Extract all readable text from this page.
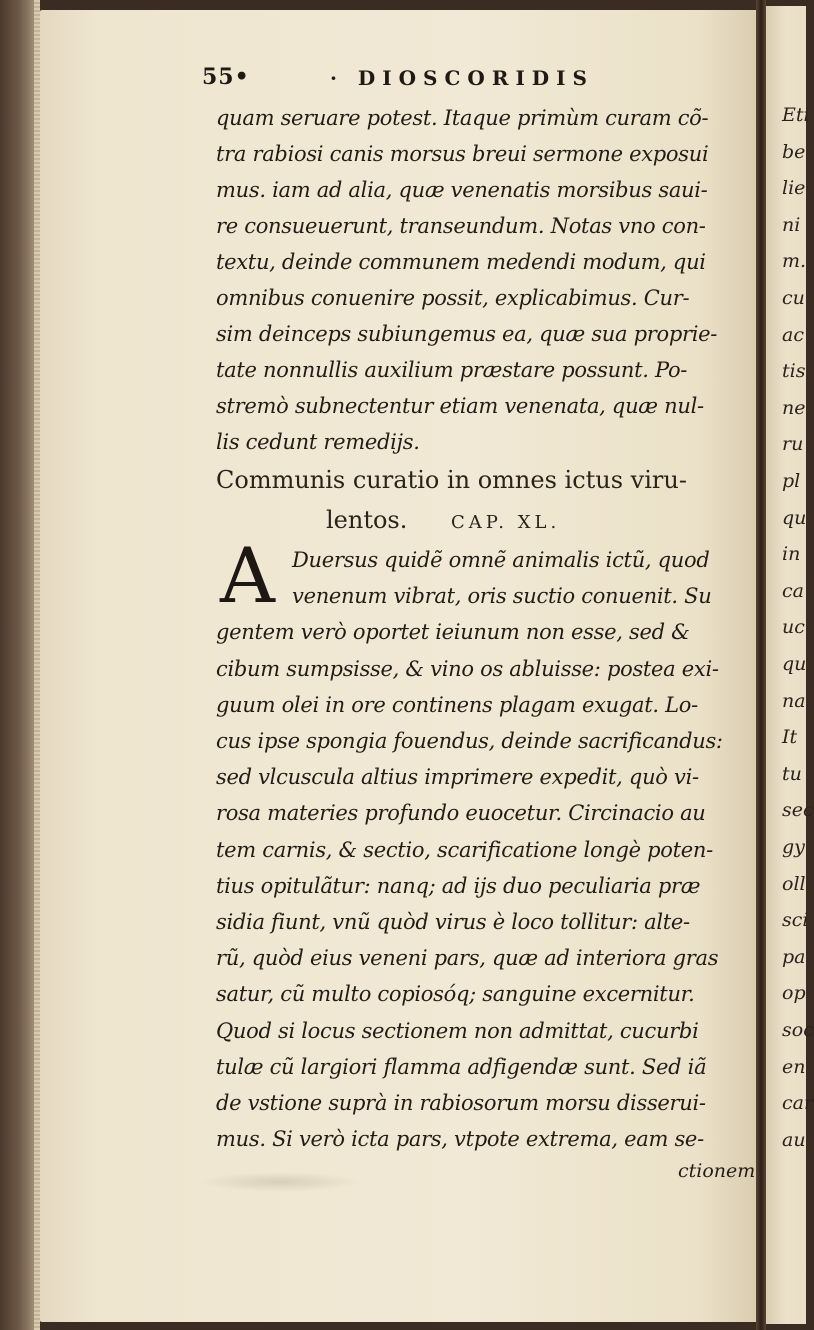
Eti
be
lie
ni
m.
cu
ac
tis
ne
ru
pl
qu
in
ca
uc
qu
na
It
tu
sec
gy
oll
sci
pa
op
soc
en
car
au
55•	· DIOSCORIDIS
quam seruare potest. Itaque primùm curam cõ-
tra rabiosi canis morsus breui sermone exposui
mus. iam ad alia, quæ venenatis morsibus saui-
re consueuerunt, transeundum. Notas vno con-
textu, deinde communem medendi modum, qui
omnibus conuenire possit, explicabimus. Cur-
sim deinceps subiungemus ea, quæ sua proprie-
tate nonnullis auxilium præstare possunt. Po-
stremò subnectentur etiam venenata, quæ nul-
lis cedunt remedijs.
Communis curatio in omnes ictus viru-
lentos. CAP. XL.
A Duersus quidẽ omnẽ animalis ictũ, quod
venenum vibrat, oris suctio conuenit. Su
gentem verò oportet ieiunum non esse, sed &
cibum sumpsisse, & vino os abluisse: postea exi-
guum olei in ore continens plagam exugat. Lo-
cus ipse spongia fouendus, deinde sacrificandus:
sed vlcuscula altius imprimere expedit, quò vi-
rosa materies profundo euocetur. Circinacio au
tem carnis, & sectio, scarificatione longè poten-
tius opitulãtur: nanq; ad ijs duo peculiaria præ
sidia fiunt, vnũ quòd virus è loco tollitur: alte-
rũ, quòd eius veneni pars, quæ ad interiora gras
satur, cũ multo copiosóq; sanguine excernitur.
Quod si locus sectionem non admittat, cucurbi
tulæ cũ largiori flamma adfigendæ sunt. Sed iã
de vstione suprà in rabiosorum morsu disserui-
mus. Si verò icta pars, vtpote extrema, eam se-
ctionem
